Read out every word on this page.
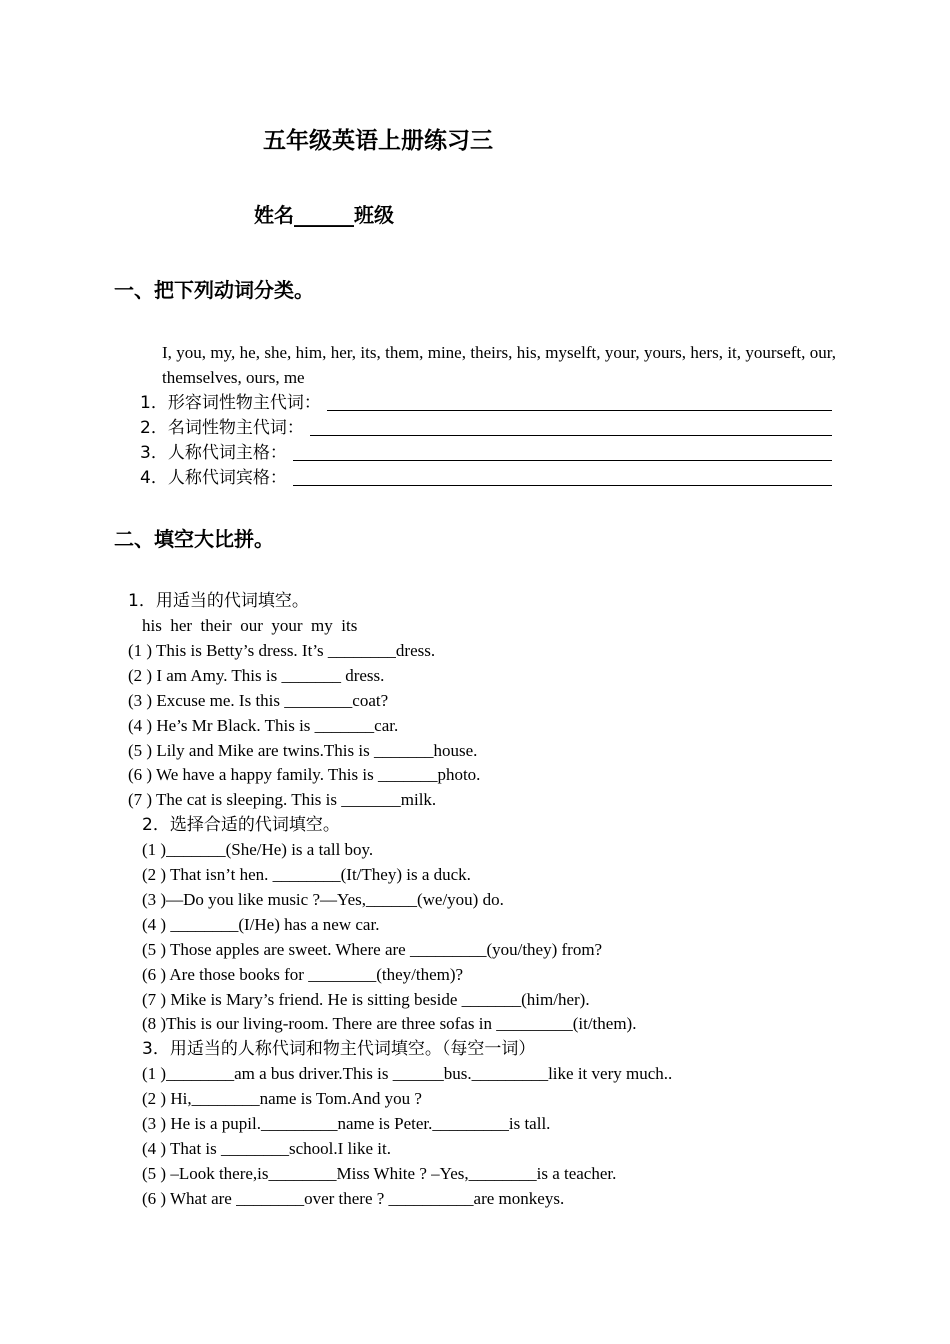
五年级英语上册练习三
姓名______班级
一、把下列动词分类。
I, you, my, he, she, him, her, its, them, mine, theirs, his, myselft, your, yours, hers, it, yourseft, our, themselves, ours, me
1．形容词性物主代词：
2．名词性物主代词：
3．人称代词主格：
4．人称代词宾格：
二、填空大比拼。
1．用适当的代词填空。
his  her  their  our  your  my  its
(1 ) This is Betty’s dress. It’s ________dress.
(2 ) I am Amy. This is _______ dress.
(3 ) Excuse me. Is this ________coat?
(4 ) He’s Mr Black. This is _______car.
(5 ) Lily and Mike are twins.This is _______house.
(6 ) We have a happy family. This is _______photo.
(7 ) The cat is sleeping. This is _______milk.
2．选择合适的代词填空。
(1 )_______(She/He) is a tall boy.
(2 ) That isn’t hen. ________(It/They) is a duck.
(3 )—Do you like music ?—Yes,______(we/you) do.
(4 ) ________(I/He) has a new car.
(5 ) Those apples are sweet. Where are _________(you/they) from?
(6 ) Are those books for ________(they/them)?
(7 ) Mike is Mary’s friend. He is sitting beside _______(him/her).
(8 )This is our living-room. There are three sofas in _________(it/them).
3．用适当的人称代词和物主代词填空。（每空一词）
(1 )________am a bus driver.This is ______bus._________like it very much..
(2 ) Hi,________name is Tom.And you ?
(3 ) He is a pupil._________name is Peter._________is tall.
(4 ) That is ________school.I like it.
(5 ) –Look there,is________Miss White ? –Yes,________is a teacher.
(6 ) What are ________over there ? __________are monkeys.
